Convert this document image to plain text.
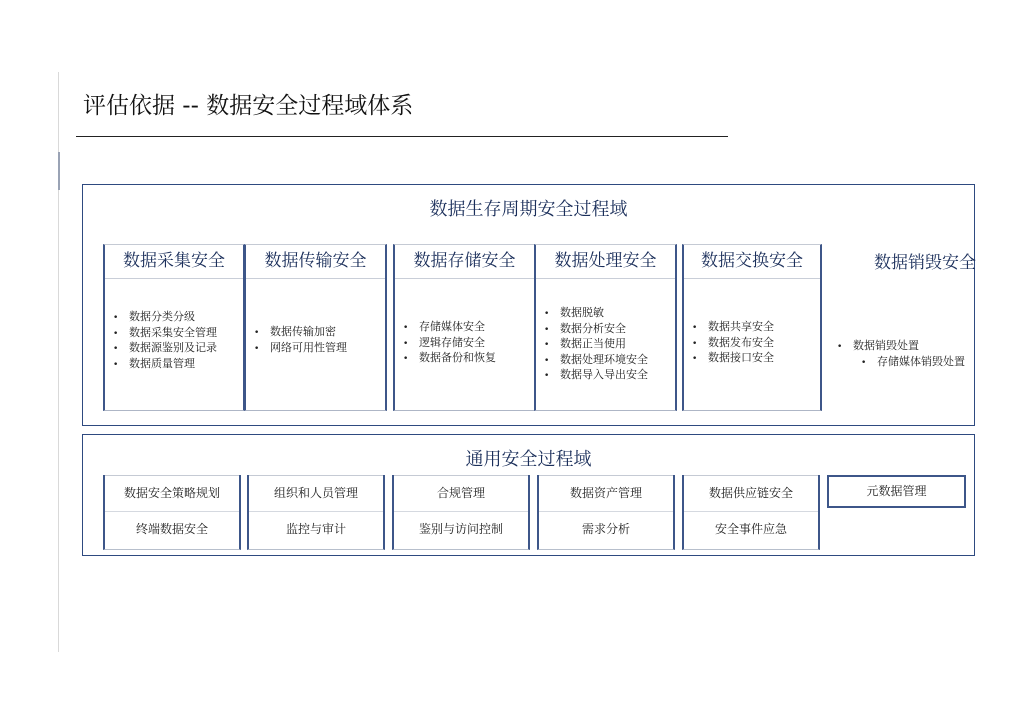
评估依据 -- 数据安全过程域体系
数据生存周期安全过程域
数据采集安全
• 数据分类分级
• 数据采集安全管理
• 数据源鉴别及记录
• 数据质量管理
数据传输安全
• 数据传输加密
• 网络可用性管理
数据存储安全
• 存储媒体安全
• 逻辑存储安全
• 数据备份和恢复
数据处理安全
• 数据脱敏
• 数据分析安全
• 数据正当使用
• 数据处理环境安全
• 数据导入导出安全
数据交换安全
• 数据共享安全
• 数据发布安全
• 数据接口安全
数据销毁安全
• 数据销毁处置
• 存储媒体销毁处置
通用安全过程域
数据安全策略规划
终端数据安全
组织和人员管理
监控与审计
合规管理
鉴别与访问控制
数据资产管理
需求分析
数据供应链安全
安全事件应急
元数据管理
